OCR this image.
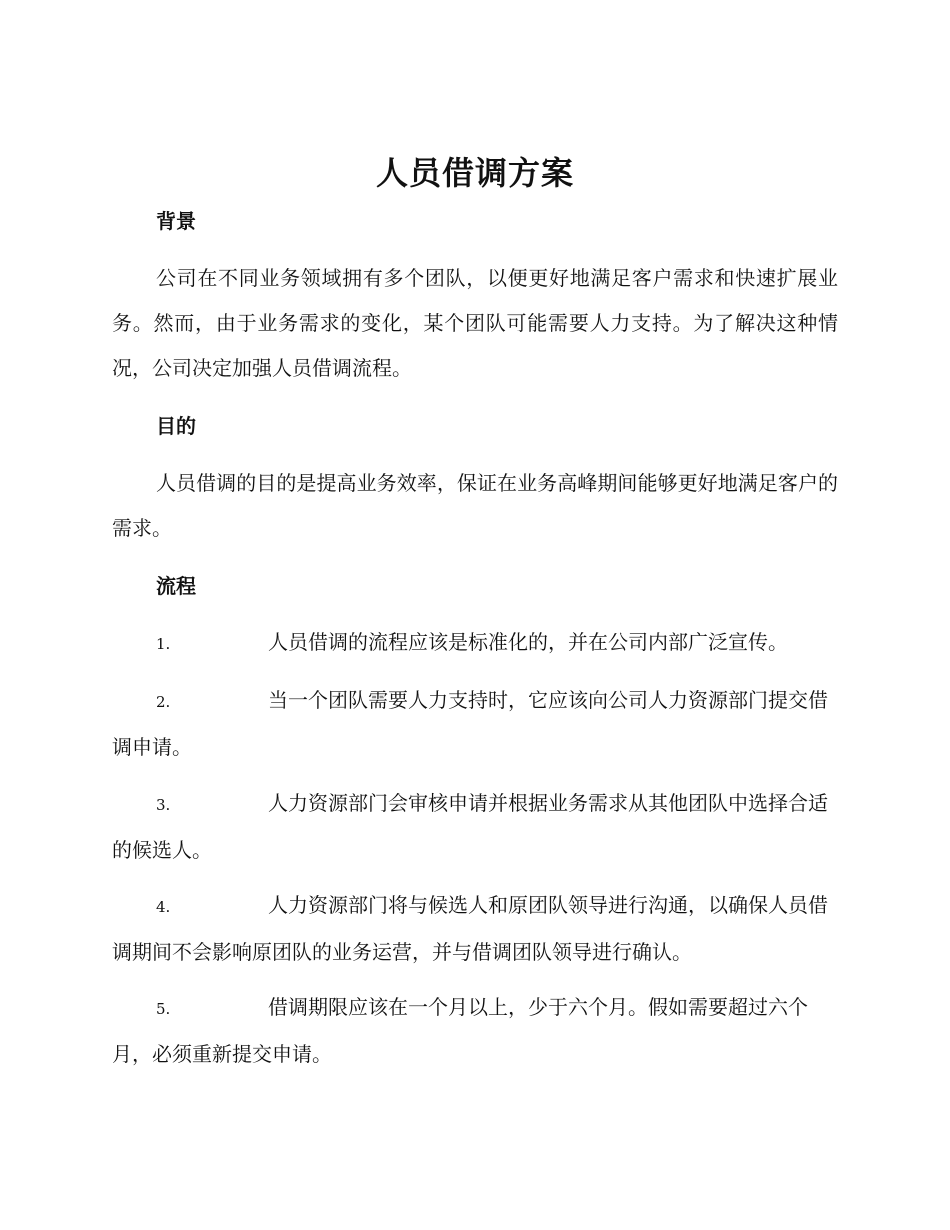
人员借调方案
背景
公司在不同业务领域拥有多个团队，以便更好地满足客户需求和快速扩展业务。然而，由于业务需求的变化，某个团队可能需要人力支持。为了解决这种情况，公司决定加强人员借调流程。
目的
人员借调的目的是提高业务效率，保证在业务高峰期间能够更好地满足客户的需求。
流程
1.	人员借调的流程应该是标准化的，并在公司内部广泛宣传。
2.	当一个团队需要人力支持时，它应该向公司人力资源部门提交借调申请。
3.	人力资源部门会审核申请并根据业务需求从其他团队中选择合适的候选人。
4.	人力资源部门将与候选人和原团队领导进行沟通，以确保人员借调期间不会影响原团队的业务运营，并与借调团队领导进行确认。
5.	借调期限应该在一个月以上，少于六个月。假如需要超过六个月，必须重新提交申请。
